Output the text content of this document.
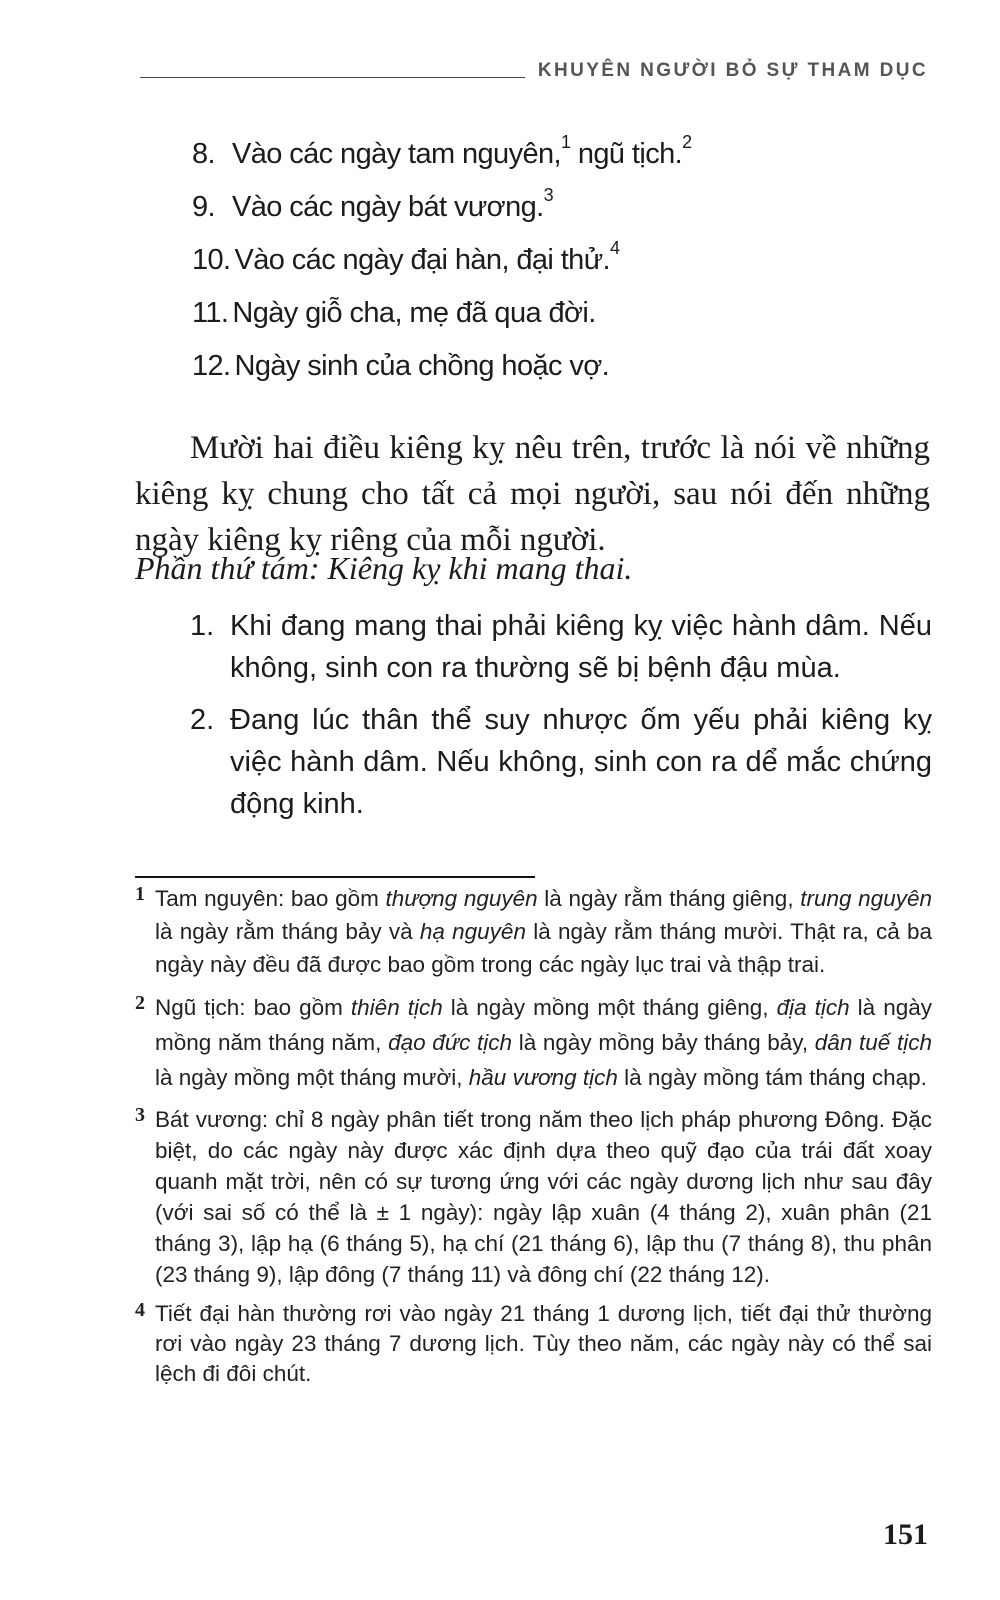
KHUYÊN NGƯỜI BỎ SỰ THAM DỤC
8. Vào các ngày tam nguyên,$^1$ ngũ tịch.$^2$
9. Vào các ngày bát vương.$^3$
10. Vào các ngày đại hàn, đại thử.$^4$
11. Ngày giỗ cha, mẹ đã qua đời.
12. Ngày sinh của chồng hoặc vợ.

Mười hai điều kiêng kỵ nêu trên, trước là nói về những kiêng kỵ chung cho tất cả mọi người, sau nói đến những ngày kiêng kỵ riêng của mỗi người.

Phần thứ tám: Kiêng kỵ khi mang thai.
1. Khi đang mang thai phải kiêng kỵ việc hành dâm. Nếu không, sinh con ra thường sẽ bị bệnh đậu mùa.
2. Đang lúc thân thể suy nhược ốm yếu phải kiêng kỵ việc hành dâm. Nếu không, sinh con ra dể mắc chứng động kinh.
1 Tam nguyên: bao gồm thượng nguyên là ngày rằm tháng giêng, trung nguyên là ngày rằm tháng bảy và hạ nguyên là ngày rằm tháng mười. Thật ra, cả ba ngày này đều đã được bao gồm trong các ngày lục trai và thập trai.
2 Ngũ tịch: bao gồm thiên tịch là ngày mồng một tháng giêng, địa tịch là ngày mồng năm tháng năm, đạo đức tịch là ngày mồng bảy tháng bảy, dân tuế tịch là ngày mồng một tháng mười, hầu vương tịch là ngày mồng tám tháng chạp.
3 Bát vương: chỉ 8 ngày phân tiết trong năm theo lịch pháp phương Đông. Đặc biệt, do các ngày này được xác định dựa theo quỹ đạo của trái đất xoay quanh mặt trời, nên có sự tương ứng với các ngày dương lịch như sau đây (với sai số có thể là ± 1 ngày): ngày lập xuân (4 tháng 2), xuân phân (21 tháng 3), lập hạ (6 tháng 5), hạ chí (21 tháng 6), lập thu (7 tháng 8), thu phân (23 tháng 9), lập đông (7 tháng 11) và đông chí (22 tháng 12).
4 Tiết đại hàn thường rơi vào ngày 21 tháng 1 dương lịch, tiết đại thử thường rơi vào ngày 23 tháng 7 dương lịch. Tùy theo năm, các ngày này có thể sai lệch đi đôi chút.
151
